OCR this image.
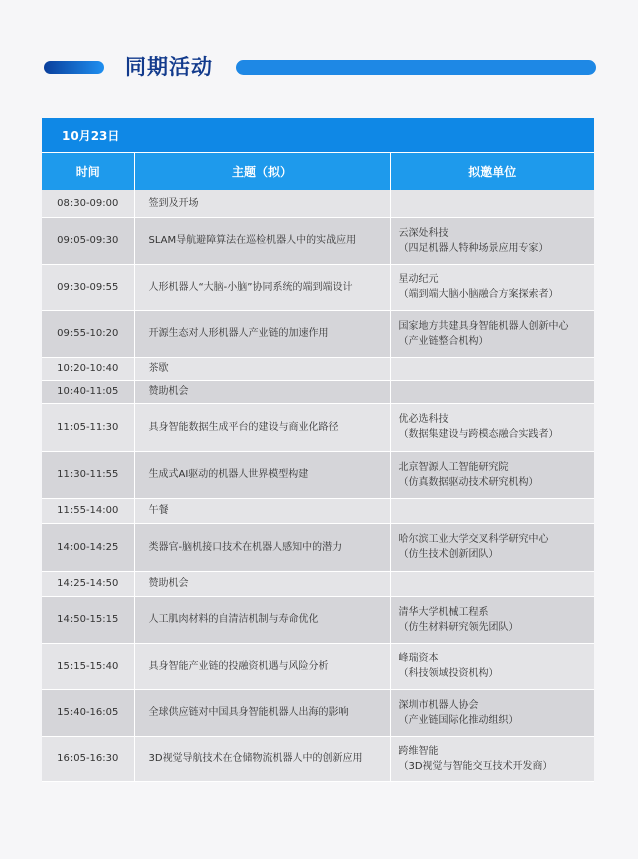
同期活动
10月23日		
时间	主题（拟）	拟邀单位
08:30-09:00	签到及开场	
09:05-09:30	SLAM导航避障算法在巡检机器人中的实战应用	云深处科技
（四足机器人特种场景应用专家）

09:30-09:55	人形机器人“大脑-小脑”协同系统的端到端设计	星动纪元
（端到端大脑小脑融合方案探索者）

09:55-10:20	开源生态对人形机器人产业链的加速作用	国家地方共建具身智能机器人创新中心
（产业链整合机构）

10:20-10:40	茶歇	
10:40-11:05	赞助机会	
11:05-11:30	具身智能数据生成平台的建设与商业化路径	优必选科技
（数据集建设与跨模态融合实践者）

11:30-11:55	生成式AI驱动的机器人世界模型构建	北京智源人工智能研究院
（仿真数据驱动技术研究机构）

11:55-14:00	午餐	
14:00-14:25	类器官-脑机接口技术在机器人感知中的潜力	哈尔滨工业大学交叉科学研究中心
（仿生技术创新团队）

14:25-14:50	赞助机会	
14:50-15:15	人工肌肉材料的自清洁机制与寿命优化	清华大学机械工程系
（仿生材料研究领先团队）

15:15-15:40	具身智能产业链的投融资机遇与风险分析	峰瑞资本
（科技领域投资机构）

15:40-16:05	全球供应链对中国具身智能机器人出海的影响	深圳市机器人协会
（产业链国际化推动组织）

16:05-16:30	3D视觉导航技术在仓储物流机器人中的创新应用	跨维智能
（3D视觉与智能交互技术开发商）
